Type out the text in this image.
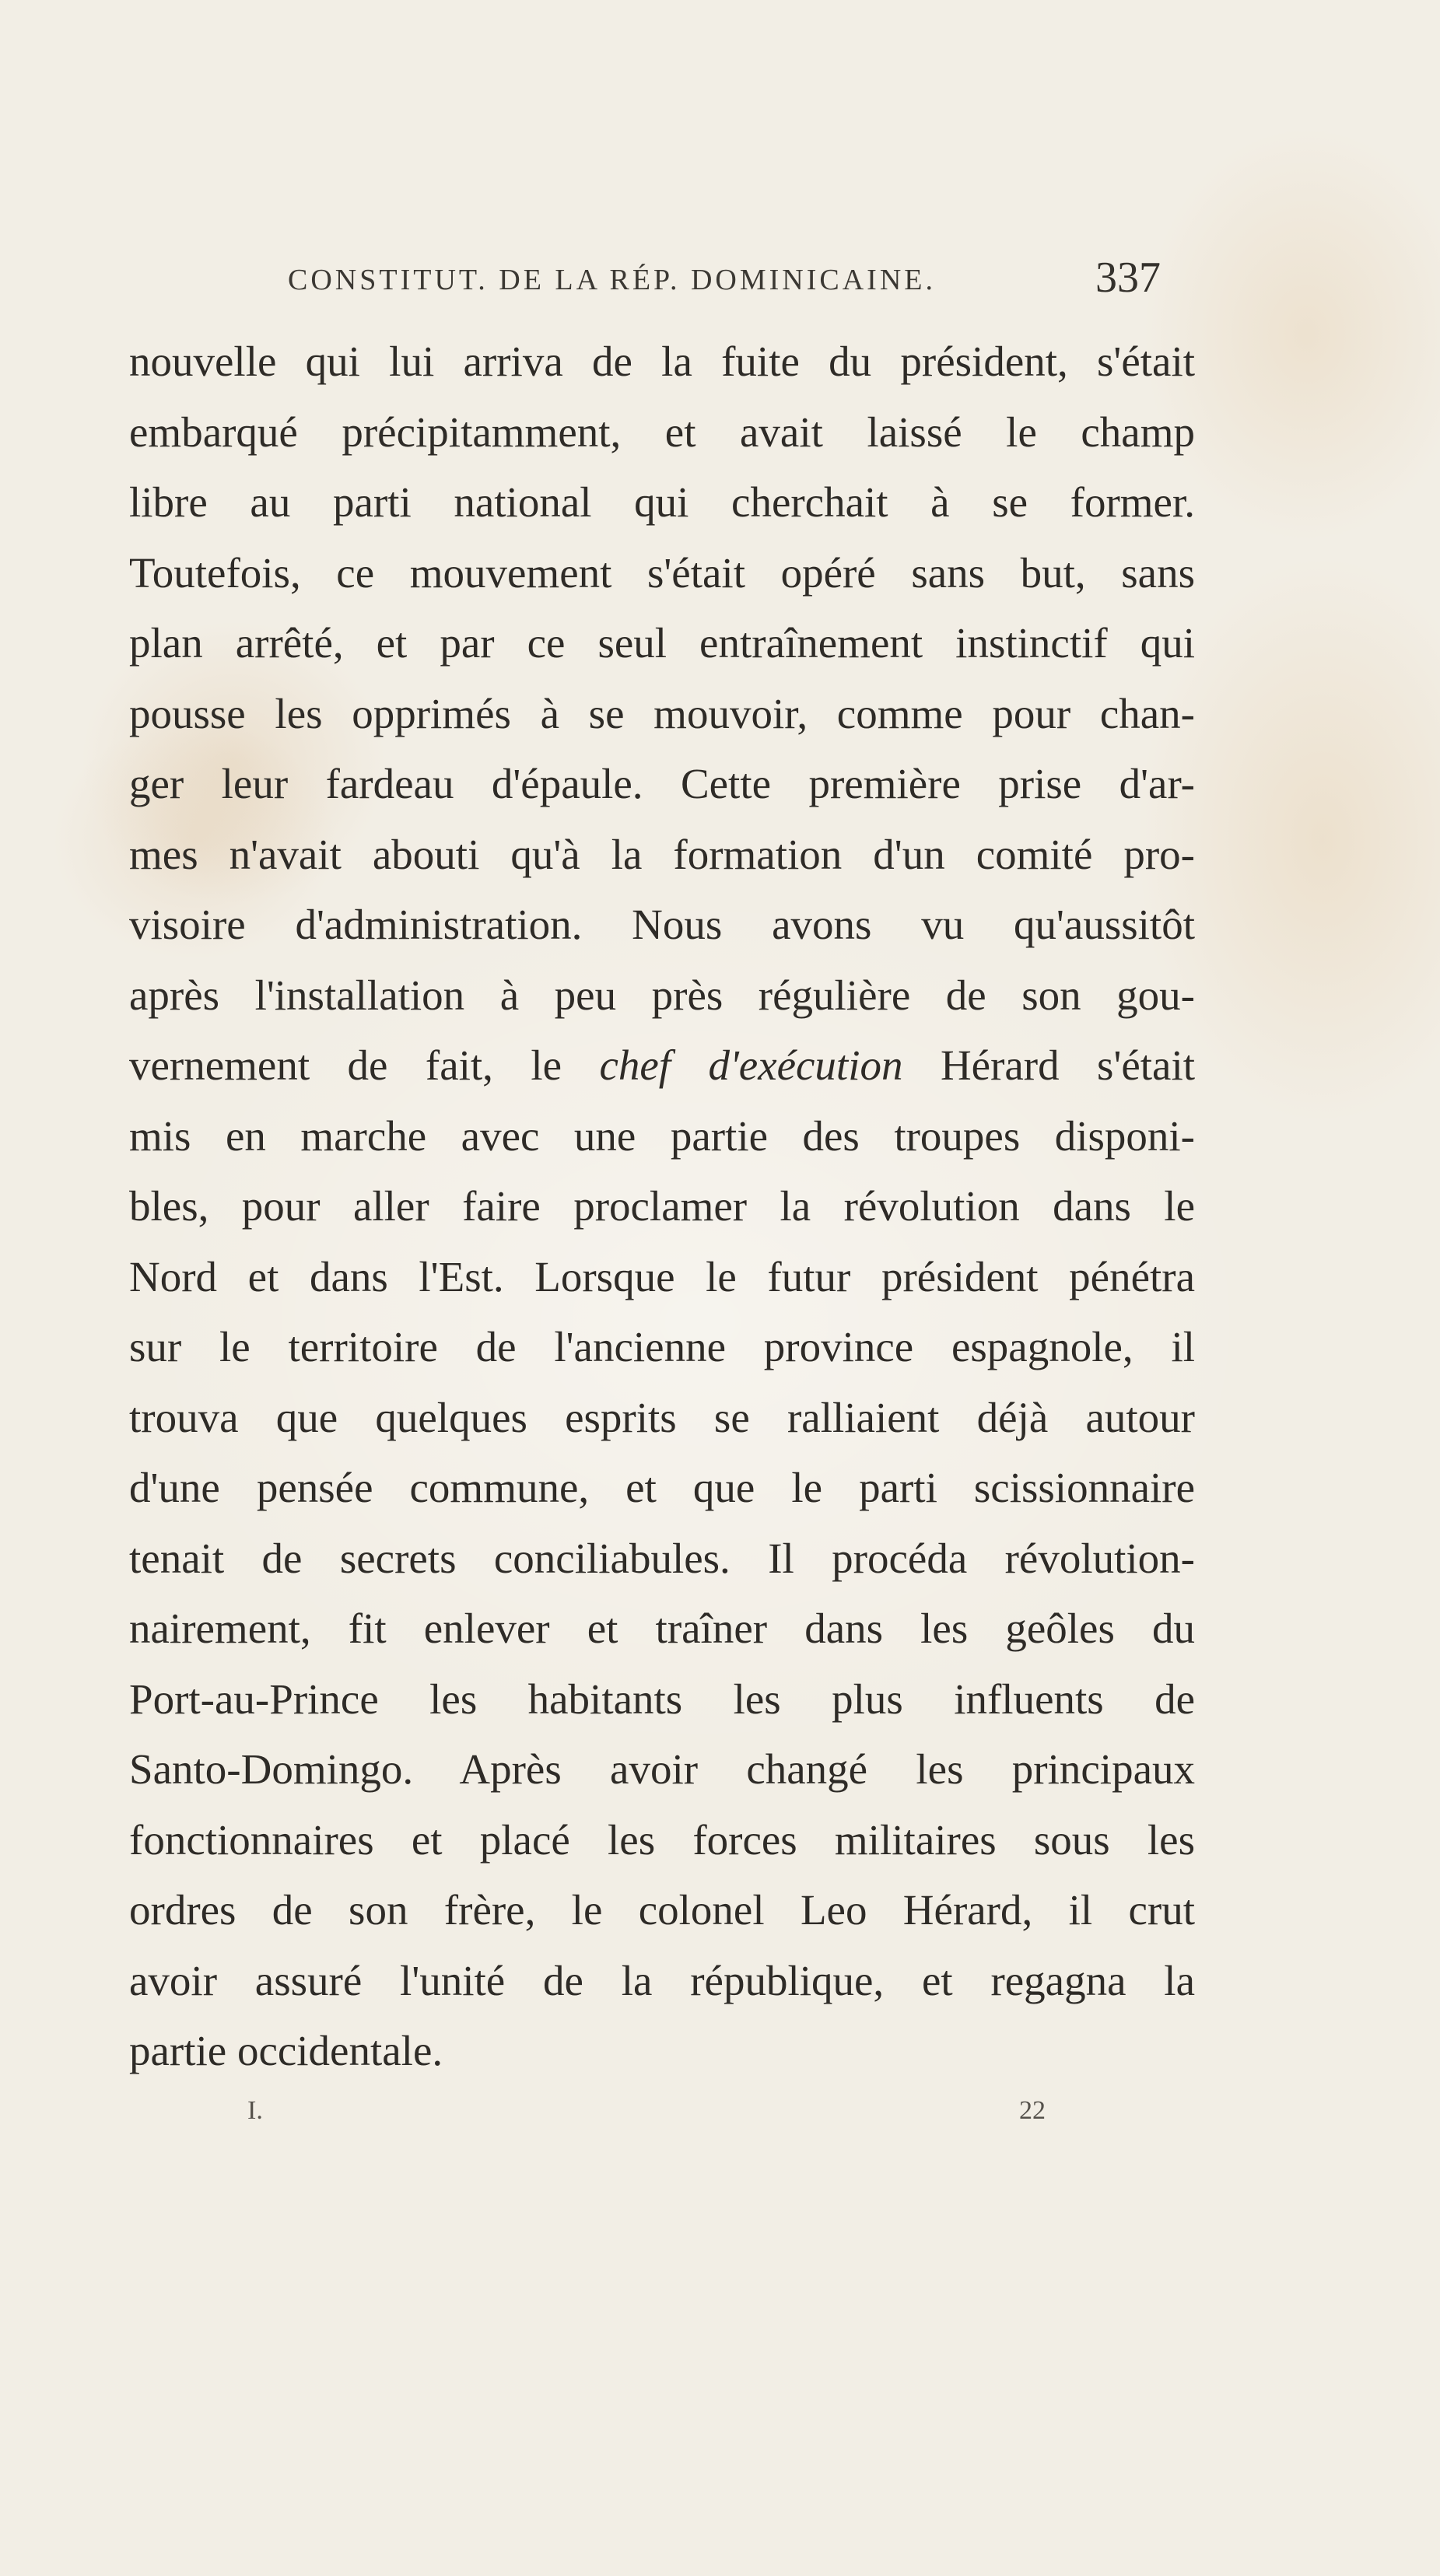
CONSTITUT. DE LA RÉP. DOMINICAINE.	337
nouvelle qui lui arriva de la fuite du président, s'était
embarqué précipitamment, et avait laissé le champ
libre au parti national qui cherchait à se former.
Toutefois, ce mouvement s'était opéré sans but, sans
plan arrêté, et par ce seul entraînement instinctif qui
pousse les opprimés à se mouvoir, comme pour chan-
ger leur fardeau d'épaule. Cette première prise d'ar-
mes n'avait abouti qu'à la formation d'un comité pro-
visoire d'administration. Nous avons vu qu'aussitôt
après l'installation à peu près régulière de son gou-
vernement de fait, le chef d'exécution Hérard s'était
mis en marche avec une partie des troupes disponi-
bles, pour aller faire proclamer la révolution dans le
Nord et dans l'Est. Lorsque le futur président pénétra
sur le territoire de l'ancienne province espagnole, il
trouva que quelques esprits se ralliaient déjà autour
d'une pensée commune, et que le parti scissionnaire
tenait de secrets conciliabules. Il procéda révolution-
nairement, fit enlever et traîner dans les geôles du
Port-au-Prince les habitants les plus influents de
Santo-Domingo. Après avoir changé les principaux
fonctionnaires et placé les forces militaires sous les
ordres de son frère, le colonel Leo Hérard, il crut
avoir assuré l'unité de la république, et regagna la
partie occidentale.
I.	22
